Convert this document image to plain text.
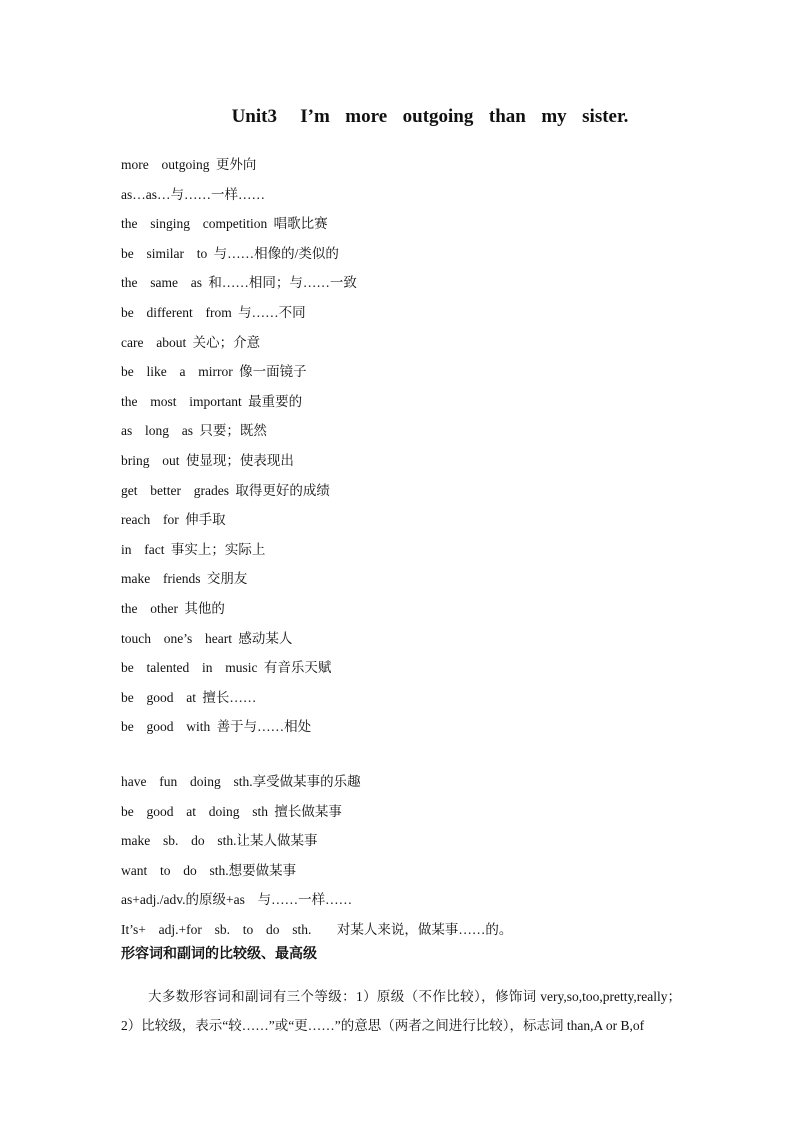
Unit3   I’m  more  outgoing  than  my  sister.
more  outgoing 更外向
as…as…与……一样……
the  singing  competition 唱歌比赛
be  similar  to 与……相像的/类似的
the  same  as 和……相同；与……一致
be  different  from 与……不同
care  about 关心；介意
be  like  a  mirror 像一面镜子
the  most  important 最重要的
as  long  as 只要；既然
bring  out 使显现；使表现出
get  better  grades 取得更好的成绩
reach  for 伸手取
in  fact 事实上；实际上
make  friends 交朋友
the  other 其他的
touch  one’s  heart 感动某人
be  talented  in  music 有音乐天赋
be  good  at 擅长……
be  good  with 善于与……相处
have  fun  doing  sth.享受做某事的乐趣
be  good  at  doing  sth 擅长做某事
make  sb.  do  sth.让某人做某事
want  to  do  sth.想要做某事
as+adj./adv.的原级+as  与……一样……
It’s+  adj.+for  sb.  to  do  sth.    对某人来说，做某事……的。
形容词和副词的比较级、最高级

大多数形容词和副词有三个等级：1）原级（不作比较），修饰词 very,so,too,pretty,really；2）比较级，表示“较……”或“更……”的意思（两者之间进行比较），标志词 than,A or B,of
